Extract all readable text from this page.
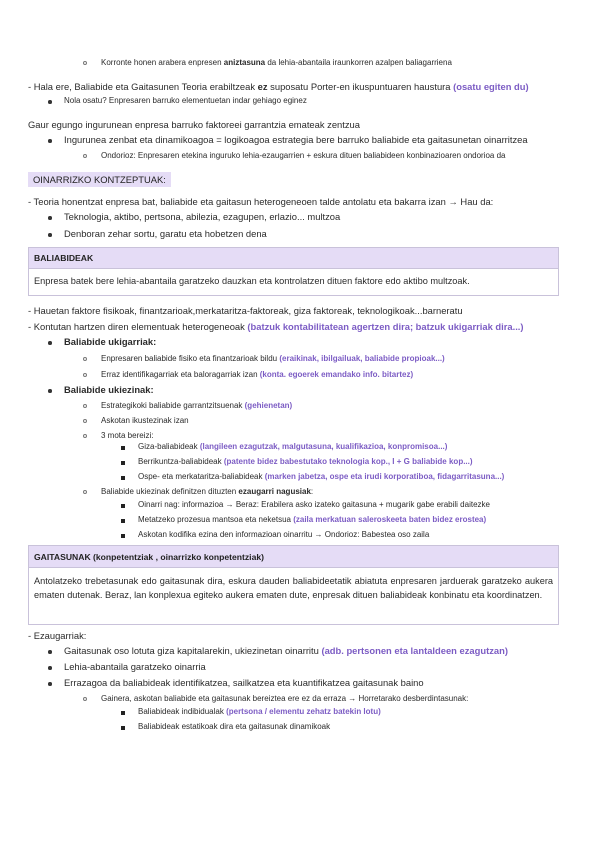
Korronte honen arabera enpresen aniztasuna da lehia-abantaila iraunkorren azalpen baliagarriena
- Hala ere, Baliabide eta Gaitasunen Teoria erabiltzeak ez suposatu Porter-en ikuspuntuaren haustura (osatu egiten du)
Nola osatu? Enpresaren barruko elementuetan indar gehiago eginez
Gaur egungo ingurunean enpresa barruko faktoreei garrantzia emateak zentzua
Ingurunea zenbat eta dinamikoagoa = logikoagoa estrategia bere barruko baliabide eta gaitasunetan oinarritzea
Ondorioz: Enpresaren etekina inguruko lehia-ezaugarrien + eskura dituen baliabideen konbinazioaren ondorioa da
OINARRIZKO KONTZEPTUAK:
- Teoria honentzat enpresa bat, baliabide eta gaitasun heterogeneoen talde antolatu eta bakarra izan → Hau da:
Teknologia, aktibo, pertsona, abilezia, ezagupen, erlazio... multzoa
Denboran zehar sortu, garatu eta hobetzen dena
BALIABIDEAK
Enpresa batek bere lehia-abantaila garatzeko dauzkan eta kontrolatzen dituen faktore edo aktibo multzoak.
- Hauetan faktore fisikoak, finantzarioak,merkataritza-faktoreak, giza faktoreak, teknologikoak...barneratu
- Kontutan hartzen diren elementuak heterogeneoak (batzuk kontabilitatean agertzen dira; batzuk ukigarriak dira...)
Baliabide ukigarriak:
Enpresaren baliabide fisiko eta finantzarioak bildu (eraikinak, ibilgailuak, baliabide propioak...)
Erraz identifikagarriak eta baloragarriak izan (konta. egoerek emandako info. bitartez)
Baliabide ukiezinak:
Estrategikoki baliabide garrantzitsuenak (gehienetan)
Askotan ikustezinak izan
3 mota bereizi:
Giza-baliabideak (langileen ezagutzak, malgutasuna, kualifikazioa, konpromisoa...)
Berrikuntza-baliabideak (patente bidez babestutako teknologia kop., I + G baliabide kop...)
Ospe- eta merkataritza-baliabideak (marken jabetza, ospe eta irudi korporatiboa, fidagarritasuna...)
Baliabide ukiezinak definitzen dituzten ezaugarri nagusiak:
Oinarri nag: informazioa → Beraz: Erabilera asko izateko gaitasuna + mugarik gabe erabili daitezke
Metatzeko prozesua mantsoa eta neketsua (zaila merkatuan saleroskeeta baten bidez erostea)
Askotan kodifika ezina den informazioan oinarritu → Ondorioz: Babestea oso zaila
GAITASUNAK (konpetentziak , oinarrizko konpetentziak)
Antolatzeko trebetasunak edo gaitasunak dira, eskura dauden baliabideetatik abiatuta enpresaren jarduerak garatzeko aukera ematen dutenak. Beraz, lan konplexua egiteko aukera ematen dute, enpresak dituen baliabideak konbinatu eta koordinatzen.
- Ezaugarriak:
Gaitasunak oso lotuta giza kapitalarekin, ukiezinetan oinarritu (adb. pertsonen eta lantaldeen ezagutzan)
Lehia-abantaila garatzeko oinarria
Errazagoa da baliabideak identifikatzea, sailkatzea eta kuantifikatzea gaitasunak baino
Gainera, askotan baliabide eta gaitasunak bereiztea ere ez da erraza → Horretarako desberdintasunak:
Baliabideak indibidualak (pertsona / elementu zehatz batekin lotu)
Baliabideak estatikoak dira eta gaitasunak dinamikoak
